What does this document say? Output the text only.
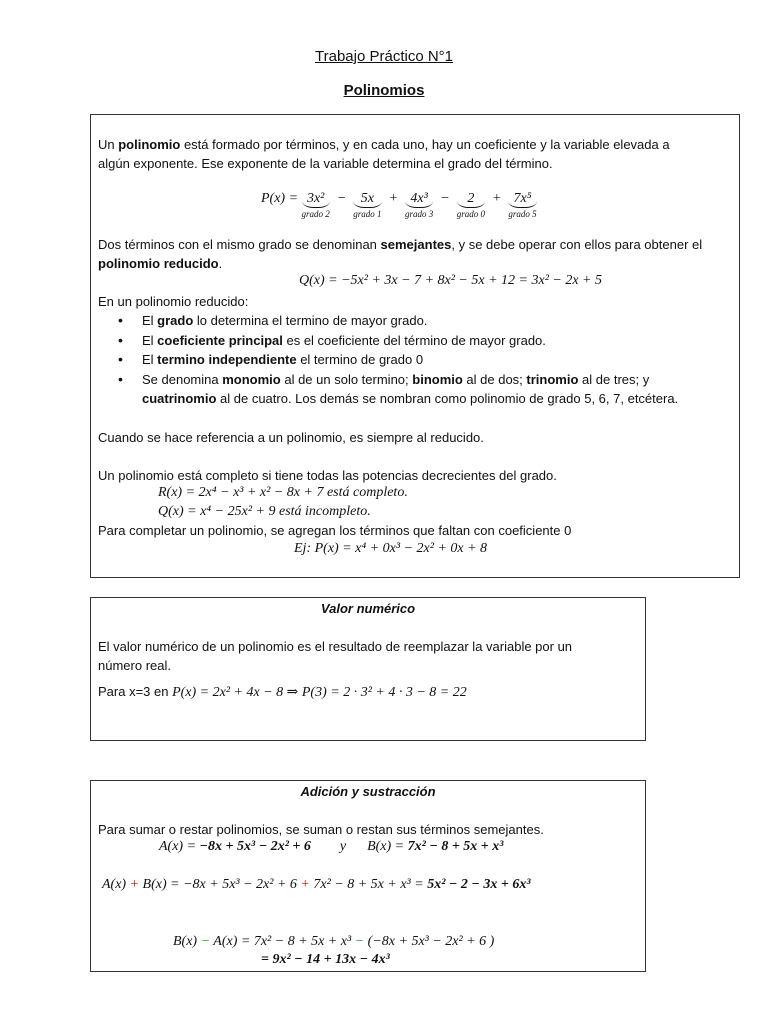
Trabajo Práctico N°1
Polinomios
Un polinomio está formado por términos, y en cada uno, hay un coeficiente y la variable elevada a
algún exponente. Ese exponente de la variable determina el grado del término.
P(x) = 3x²
grado 2
− 5x
grado 1
+ 4x³
grado 3
−	2
grado 0
+ 7x⁵
grado 5
Dos términos con el mismo grado se denominan semejantes, y se debe operar con ellos para obtener el
polinomio reducido.
Q(x) = −5x² + 3x − 7 + 8x² − 5x + 12 = 3x² − 2x + 5
En un polinomio reducido:
• El grado lo determina el termino de mayor grado.
• El coeficiente principal es el coeficiente del término de mayor grado.
• El termino independiente el termino de grado 0
• Se denomina monomio al de un solo termino; binomio al de dos; trinomio al de tres; y
cuatrinomio al de cuatro. Los demás se nombran como polinomio de grado 5, 6, 7, etcétera.
Cuando se hace referencia a un polinomio, es siempre al reducido.
Un polinomio está completo si tiene todas las potencias decrecientes del grado.
R(x) = 2x⁴ − x³ + x² − 8x + 7 está completo.
Q(x) = x⁴ − 25x² + 9 está incompleto.
Para completar un polinomio, se agregan los términos que faltan con coeficiente 0
Ej: P(x) = x⁴ + 0x³ − 2x² + 0x + 8
Valor numérico
El valor numérico de un polinomio es el resultado de reemplazar la variable por un
número real.
Para x=3 en P(x) = 2x² + 4x − 8 ⇒ P(3) = 2 · 3² + 4 · 3 − 8 = 22
Adición y sustracción
Para sumar o restar polinomios, se suman o restan sus términos semejantes.
A(x) = −8x + 5x³ − 2x² + 6 y B(x) = 7x² − 8 + 5x + x³
A(x) + B(x) = −8x + 5x³ − 2x² + 6 + 7x² − 8 + 5x + x³ = 5x² − 2 − 3x + 6x³
B(x) − A(x) = 7x² − 8 + 5x + x³ − (−8x + 5x³ − 2x² + 6 )
= 9x² − 14 + 13x − 4x³
